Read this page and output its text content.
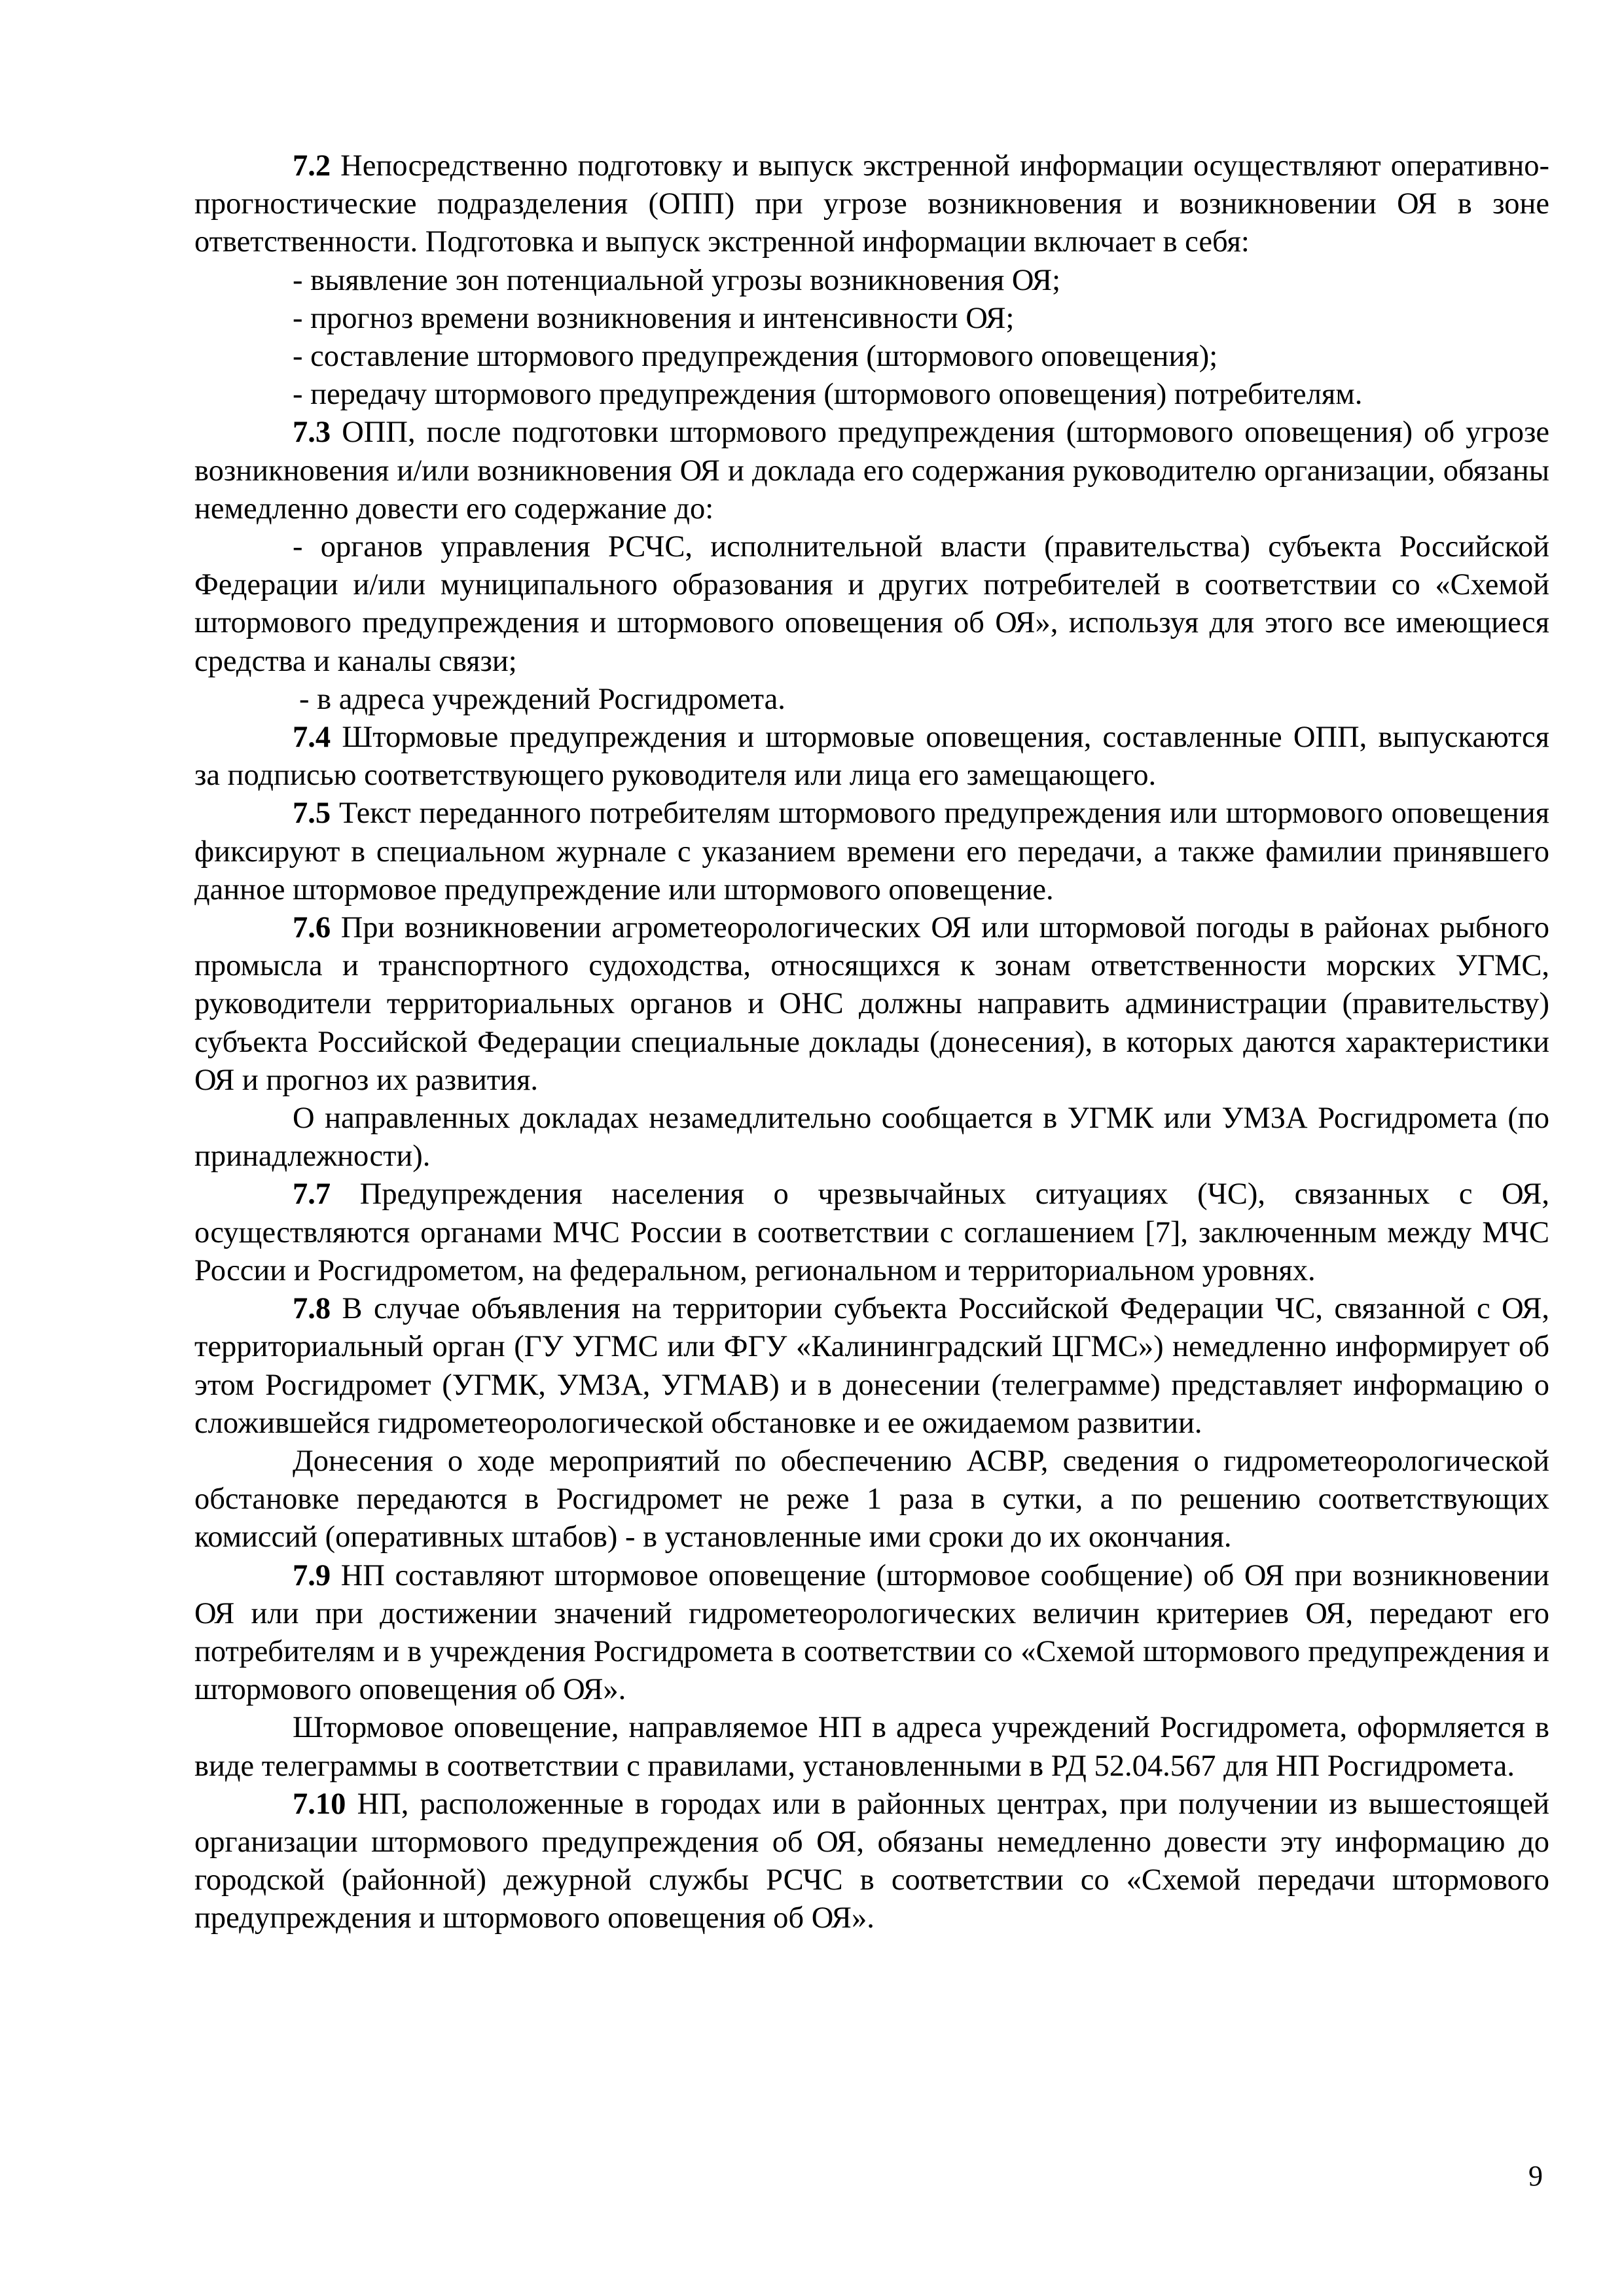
7.2 Непосредственно подготовку и выпуск экстренной информации осуществляют оперативно-прогностические подразделения (ОПП) при угрозе возникновения и возникновении ОЯ в зоне ответственности. Подготовка и выпуск экстренной информации включает в себя:

- выявление зон потенциальной угрозы возникновения ОЯ;

- прогноз времени возникновения и интенсивности ОЯ;

- составление штормового предупреждения (штормового оповещения);

- передачу штормового предупреждения (штормового оповещения) потребителям.

7.3 ОПП, после подготовки штормового предупреждения (штормового оповещения) об угрозе возникновения и/или возникновения ОЯ и доклада его содержания руководителю организации, обязаны немедленно довести его содержание до:

- органов управления РСЧС, исполнительной власти (правительства) субъекта Российской Федерации и/или муниципального образования и других потребителей в соответствии со «Схемой штормового предупреждения и штормового оповещения об ОЯ», используя для этого все имеющиеся средства и каналы связи;

- в адреса учреждений Росгидромета.

7.4 Штормовые предупреждения и штормовые оповещения, составленные ОПП, выпускаются за подписью соответствующего руководителя или лица его замещающего.

7.5 Текст переданного потребителям штормового предупреждения или штормового оповещения фиксируют в специальном журнале с указанием времени его передачи, а также фамилии принявшего данное штормовое предупреждение или штормового оповещение.

7.6 При возникновении агрометеорологических ОЯ или штормовой погоды в районах рыбного промысла и транспортного судоходства, относящихся к зонам ответственности морских УГМС, руководители территориальных органов и ОНС должны направить администрации (правительству) субъекта Российской Федерации специальные доклады (донесения), в которых даются характеристики ОЯ и прогноз их развития.

О направленных докладах незамедлительно сообщается в УГМК или УМЗА Росгидромета (по принадлежности).

7.7 Предупреждения населения о чрезвычайных ситуациях (ЧС), связанных с ОЯ, осуществляются органами МЧС России в соответствии с соглашением [7], заключенным между МЧС России и Росгидрометом, на федеральном, региональном и территориальном уровнях.

7.8 В случае объявления на территории субъекта Российской Федерации ЧС, связанной с ОЯ, территориальный орган (ГУ УГМС или ФГУ «Калининградский ЦГМС») немедленно информирует об этом Росгидромет (УГМК, УМЗА, УГМАВ) и в донесении (телеграмме) представляет информацию о сложившейся гидрометеорологической обстановке и ее ожидаемом развитии.

Донесения о ходе мероприятий по обеспечению АСВР, сведения о гидрометеорологической обстановке передаются в Росгидромет не реже 1 раза в сутки, а по решению соответствующих комиссий (оперативных штабов) - в установленные ими сроки до их окончания.

7.9 НП составляют штормовое оповещение (штормовое сообщение) об ОЯ при возникновении ОЯ или при достижении значений гидрометеорологических величин критериев ОЯ, передают его потребителям и в учреждения Росгидромета в соответствии со «Схемой штормового предупреждения и штормового оповещения об ОЯ».

Штормовое оповещение, направляемое НП в адреса учреждений Росгидромета, оформляется в виде телеграммы в соответствии с правилами, установленными в РД 52.04.567 для НП Росгидромета.

7.10 НП, расположенные в городах или в районных центрах, при получении из вышестоящей организации штормового предупреждения об ОЯ, обязаны немедленно довести эту информацию до городской (районной) дежурной службы РСЧС в соответствии со «Схемой передачи штормового предупреждения и штормового оповещения об ОЯ».

9
